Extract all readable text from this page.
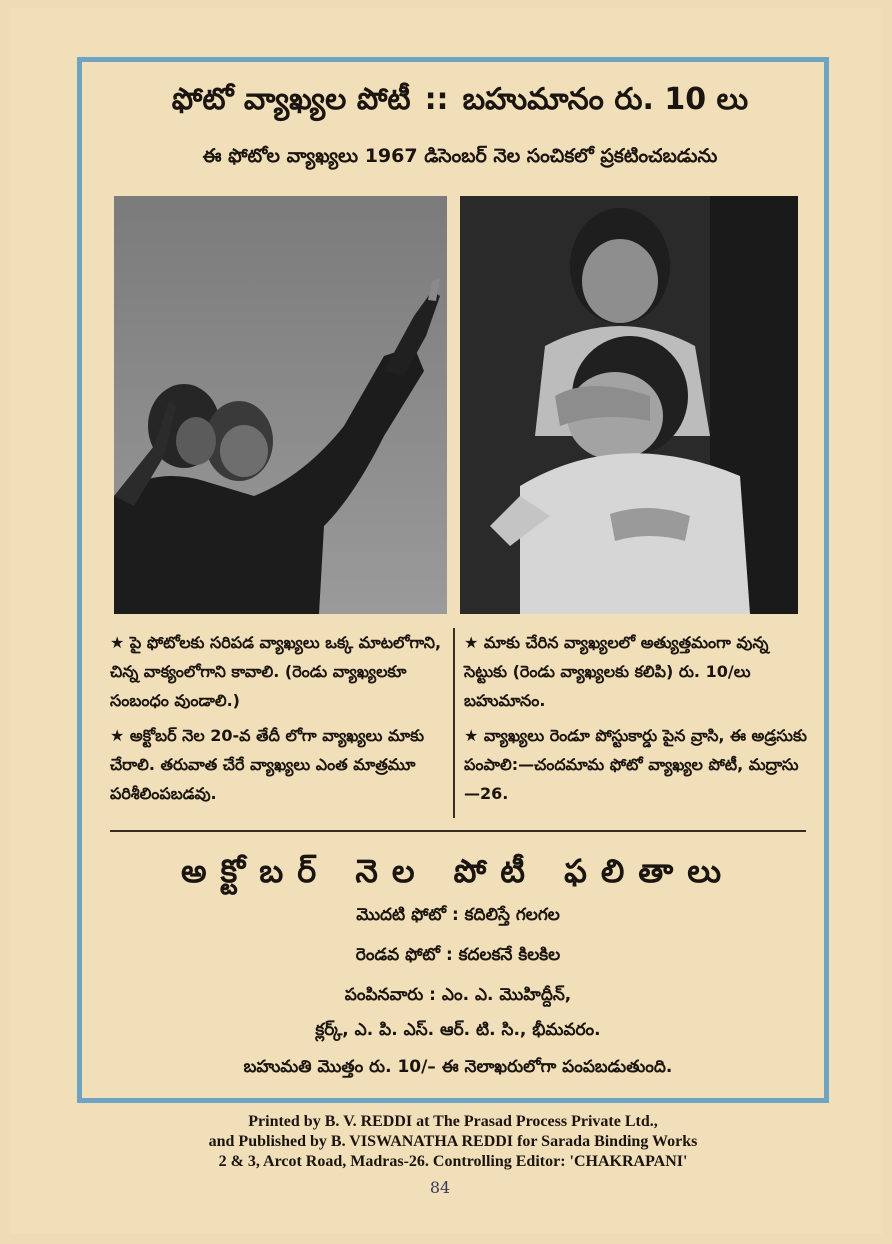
ఫోటో వ్యాఖ్యల పోటీ :: బహుమానం రు. 10 లు
ఈ ఫోటోల వ్యాఖ్యలు 1967 డిసెంబర్ నెల సంచికలో ప్రకటించబడును

★ పై ఫోటోలకు సరిపడ వ్యాఖ్యలు ఒక్క మాటలోగాని, చిన్న వాక్యంలోగాని కావాలి. (రెండు వ్యాఖ్యలకూ సంబంధం వుండాలి.)

★ అక్టోబర్ నెల 20-వ తేదీ లోగా వ్యాఖ్యలు మాకు చేరాలి. తరువాత చేరే వ్యాఖ్యలు ఎంత మాత్రమూ పరిశీలింపబడవు.

★ మాకు చేరిన వ్యాఖ్యలలో అత్యుత్తమంగా వున్న సెట్టుకు (రెండు వ్యాఖ్యలకు కలిపి) రు. 10/లు బహుమానం.

★ వ్యాఖ్యలు రెండూ పోస్టుకార్డు పైన వ్రాసి, ఈ అడ్రసుకు పంపాలి:—చందమామ ఫోటో వ్యాఖ్యల పోటీ, మద్రాసు—26.

అక్టోబర్ నెల పోటీ ఫలితాలు
మొదటి ఫోటో : కదిలిస్తే గలగల
రెండవ ఫోటో : కదలకనే కిలకిల
పంపినవారు : ఎం. ఎ. మొహిద్దీన్,
క్లర్క్, ఎ. పి. ఎస్. ఆర్. టి. సి., భీమవరం.
బహుమతి మొత్తం రు. 10/– ఈ నెలాఖరులోగా పంపబడుతుంది.

Printed by B. V. REDDI at The Prasad Process Private Ltd.,

and Published by B. VISWANATHA REDDI for Sarada Binding Works

2 & 3, Arcot Road, Madras-26. Controlling Editor: 'CHAKRAPANI'

84
